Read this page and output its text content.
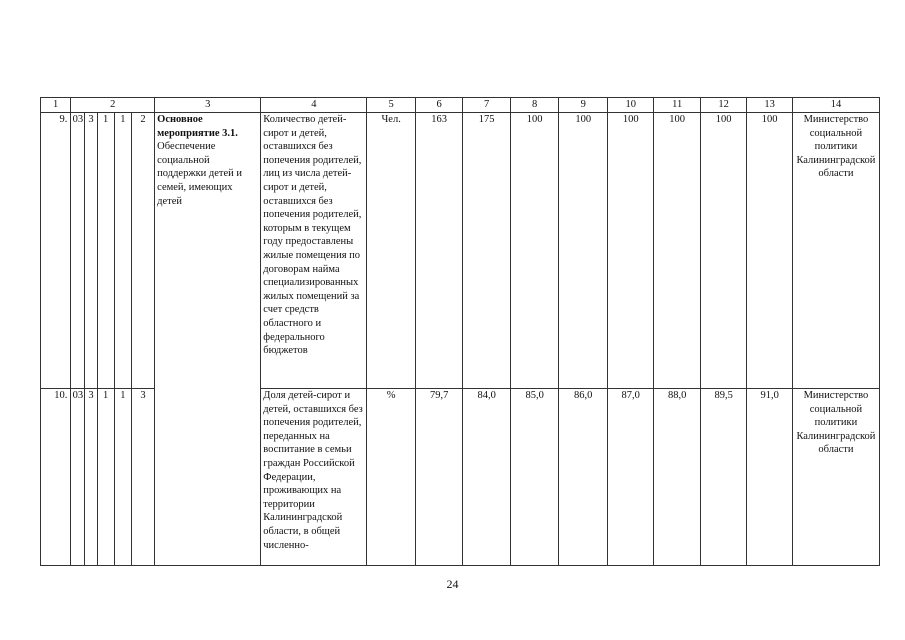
1	2					3	4	5	6	7	8	9	10	11	12	13	14
9.	03	3	1	1	2	Основное мероприятие 3.1.
Обеспечение социальной поддержки детей и семей, имеющих детей	Количество детей-сирот и детей, оставшихся без попечения родителей, лиц из числа детей-сирот и детей, оставшихся без попечения родителей, которым в текущем году предоставлены жилые помещения по договорам найма специализированных жилых помещений за счет средств областного и федерального бюджетов	Чел.	163	175	100	100	100	100	100	100	Министерство социальной политики Калининградской области
10.	03	3	1	1	3		Доля детей-сирот и детей, оставшихся без попечения родителей, переданных на воспитание в семьи граждан Российской Федерации, проживающих на территории Калининградской области, в общей численно-	%	79,7	84,0	85,0	86,0	87,0	88,0	89,5	91,0	Министерство социальной политики Калининградской области
24
